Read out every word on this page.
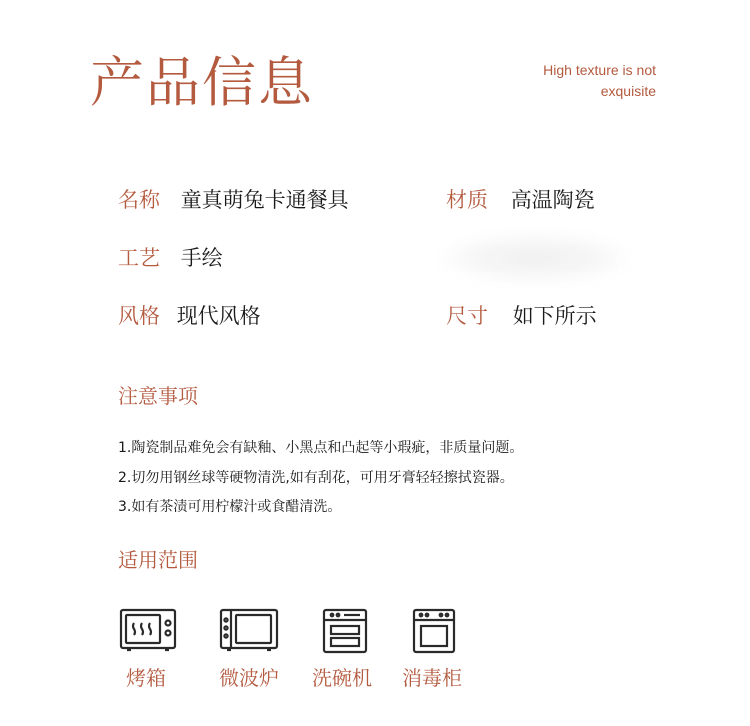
产品信息	High texture is not
exquisite
名称 童真萌兔卡通餐具	材质 高温陶瓷
工艺 手绘
风格 现代风格	尺寸 如下所示
注意事项
1.陶瓷制品难免会有缺釉、小黑点和凸起等小瑕疵，非质量问题。
2.切勿用钢丝球等硬物清洗,如有刮花，可用牙膏轻轻擦拭瓷器。
3.如有茶渍可用柠檬汁或食醋清洗。
适用范围
烤箱	微波炉 洗碗机 消毒柜
